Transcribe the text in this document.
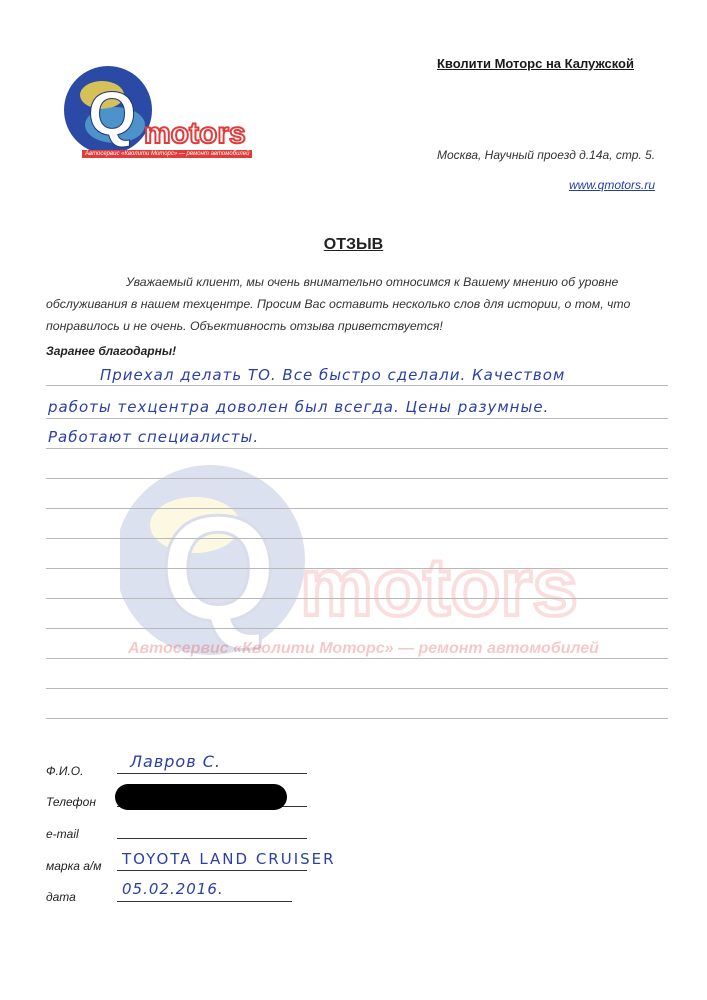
Q motors
Автосервис «Кволити Моторс» — ремонт автомобилей
Кволити Моторс на Калужской
Москва, Научный проезд д.14а, стр. 5.
www.qmotors.ru
ОТЗЫВ
Уважаемый клиент, мы очень внимательно относимся к Вашему мнению об уровне обслуживания в нашем техцентре. Просим Вас оставить несколько слов для истории, о том, что понравилось и не очень. Объективность отзыва приветствуется!
Заранее благодарны!
Q motors
Автосервис «Кволити Моторс» — ремонт автомобилей
Приехал делать ТО. Все быстро сделали. Качеством
работы техцентра доволен был всегда. Цены разумные.
Работают специалисты.
Ф.И.О.	Лавров С.
Телефон
e-mail
марка а/м TOYOTA LAND CRUISER
дата	05.02.2016.
